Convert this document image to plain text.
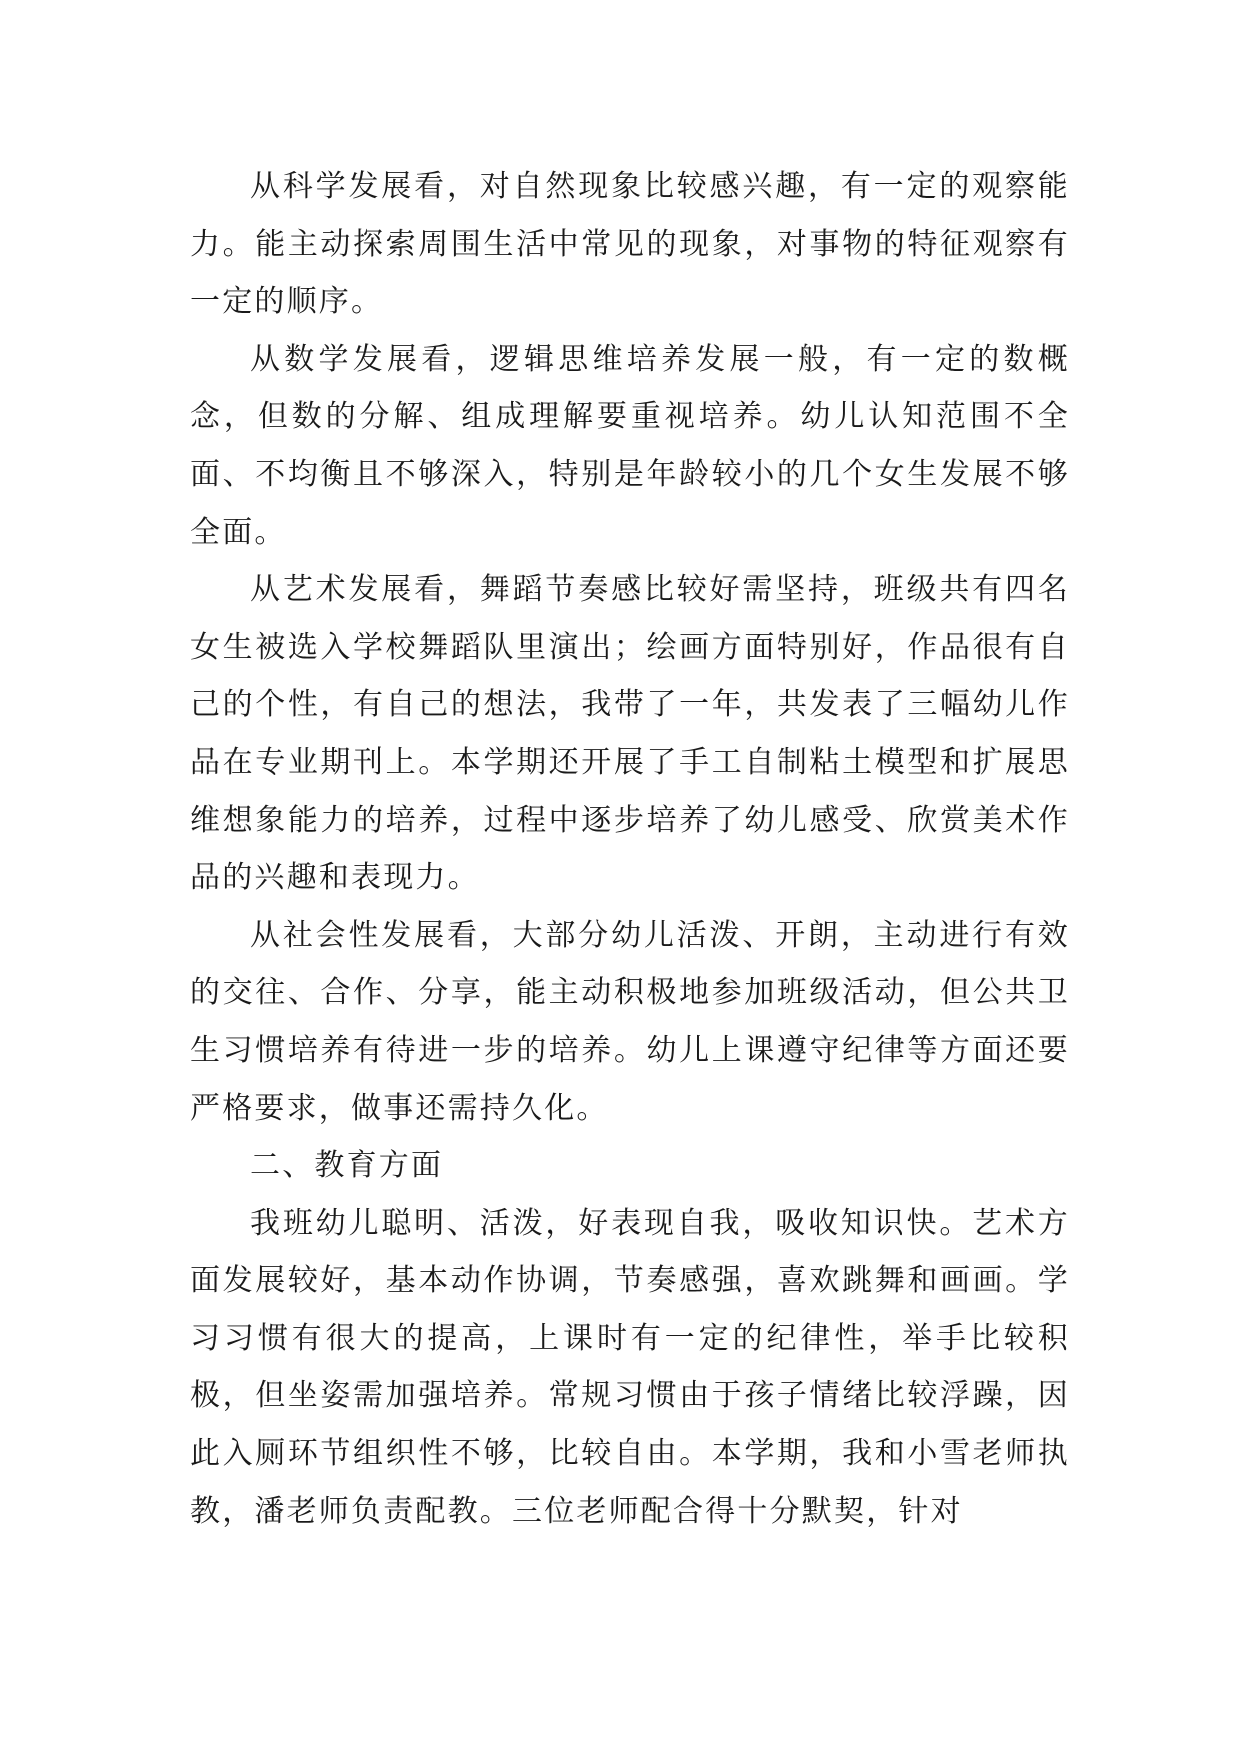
从科学发展看，对自然现象比较感兴趣，有一定的观察能力。能主动探索周围生活中常见的现象，对事物的特征观察有一定的顺序。

从数学发展看，逻辑思维培养发展一般，有一定的数概念，但数的分解、组成理解要重视培养。幼儿认知范围不全面、不均衡且不够深入，特别是年龄较小的几个女生发展不够全面。

从艺术发展看，舞蹈节奏感比较好需坚持，班级共有四名女生被选入学校舞蹈队里演出；绘画方面特别好，作品很有自己的个性，有自己的想法，我带了一年，共发表了三幅幼儿作品在专业期刊上。本学期还开展了手工自制粘土模型和扩展思维想象能力的培养，过程中逐步培养了幼儿感受、欣赏美术作品的兴趣和表现力。

从社会性发展看，大部分幼儿活泼、开朗，主动进行有效的交往、合作、分享，能主动积极地参加班级活动，但公共卫生习惯培养有待进一步的培养。幼儿上课遵守纪律等方面还要严格要求，做事还需持久化。

二、教育方面

我班幼儿聪明、活泼，好表现自我，吸收知识快。艺术方面发展较好，基本动作协调，节奏感强，喜欢跳舞和画画。学习习惯有很大的提高，上课时有一定的纪律性，举手比较积极，但坐姿需加强培养。常规习惯由于孩子情绪比较浮躁，因此入厕环节组织性不够，比较自由。本学期，我和小雪老师执教，潘老师负责配教。三位老师配合得十分默契，针对
